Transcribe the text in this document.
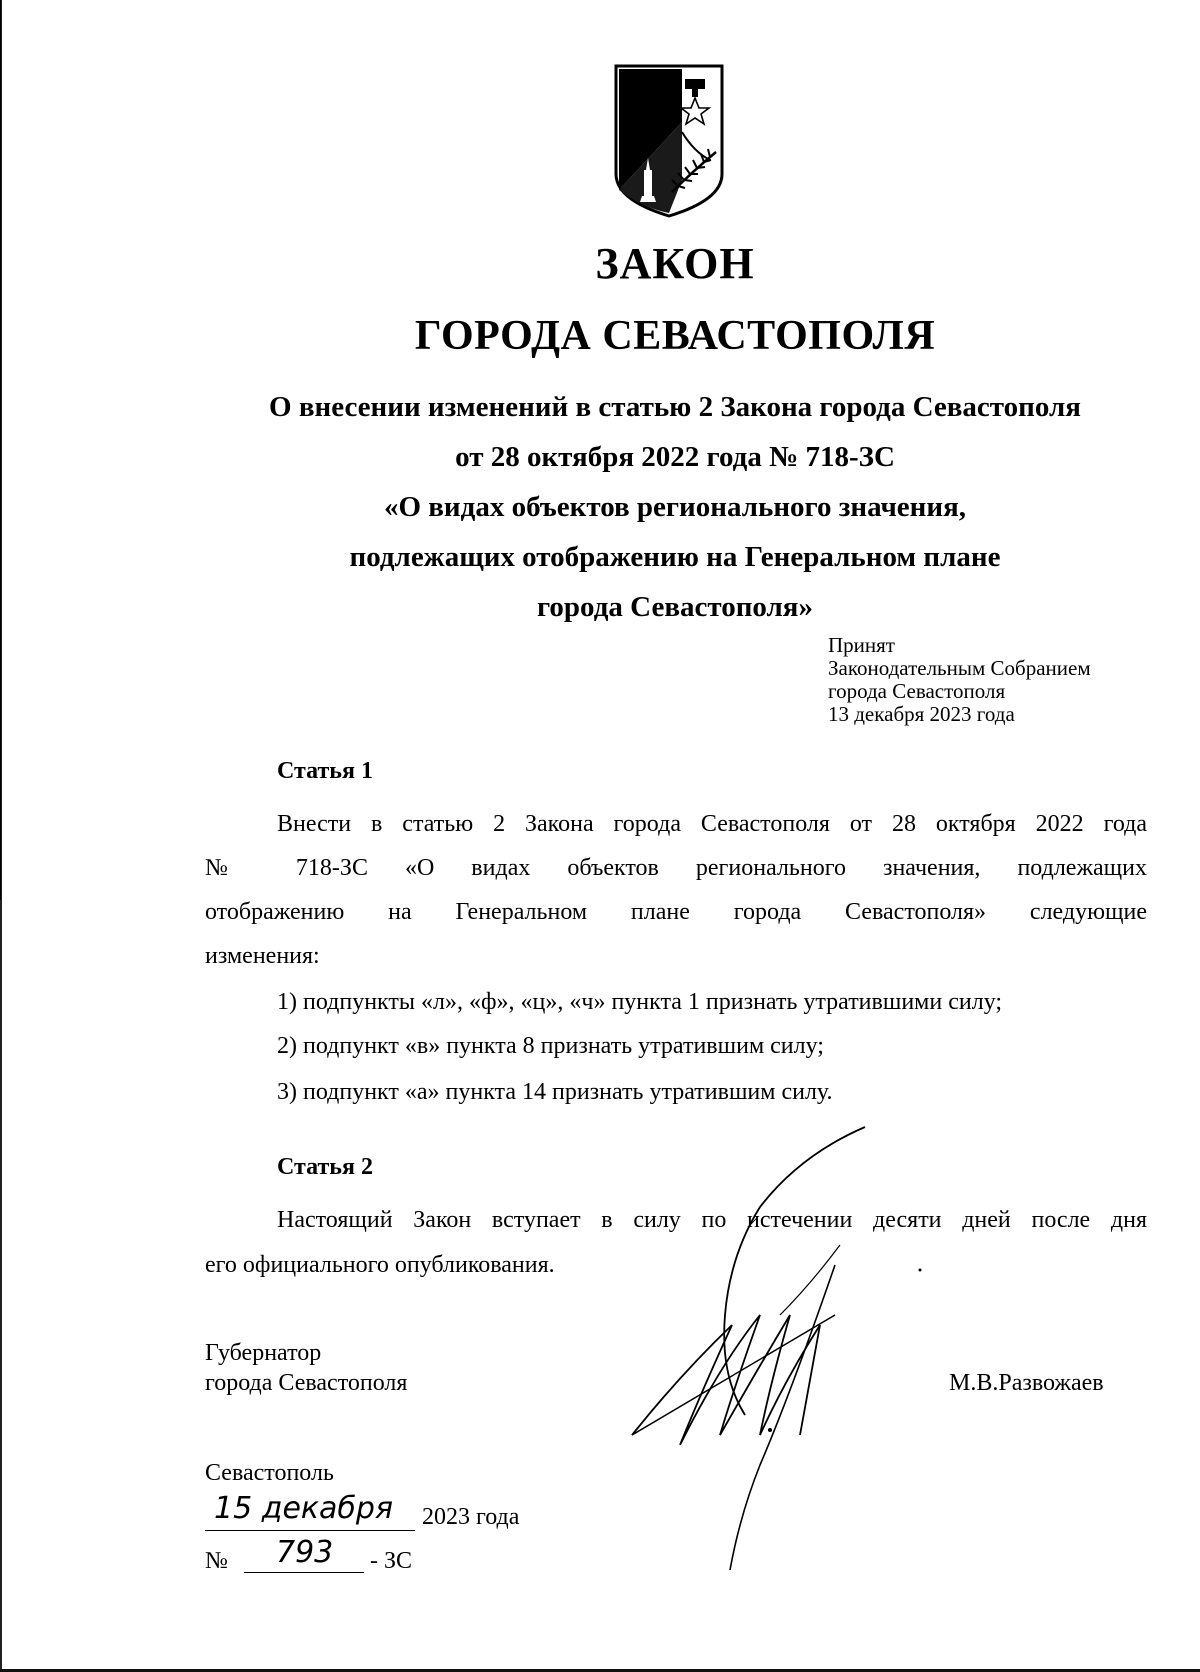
ЗАКОН
ГОРОДА СЕВАСТОПОЛЯ
О внесении изменений в статью 2 Закона города Севастополя
от 28 октября 2022 года № 718-ЗС
«О видах объектов регионального значения,
подлежащих отображению на Генеральном плане
города Севастополя»
Принят
Законодательным Собранием
города Севастополя
13 декабря 2023 года
Статья 1
Внести в статью 2 Закона города Севастополя от 28 октября 2022 года
№ 718-ЗС «О видах объектов регионального значения, подлежащих
отображению на Генеральном плане города Севастополя» следующие
изменения:
1) подпункты «л», «ф», «ц», «ч» пункта 1 признать утратившими силу;
2) подпункт «в» пункта 8 признать утратившим силу;
3) подпункт «а» пункта 14 признать утратившим силу.
Статья 2
Настоящий Закон вступает в силу по истечении десяти дней после дня
его официального опубликования.
Губернатор
города Севастополя	М.В.Развожаев
Севастополь
15 декабря 2023 года
№ 793 - ЗС
